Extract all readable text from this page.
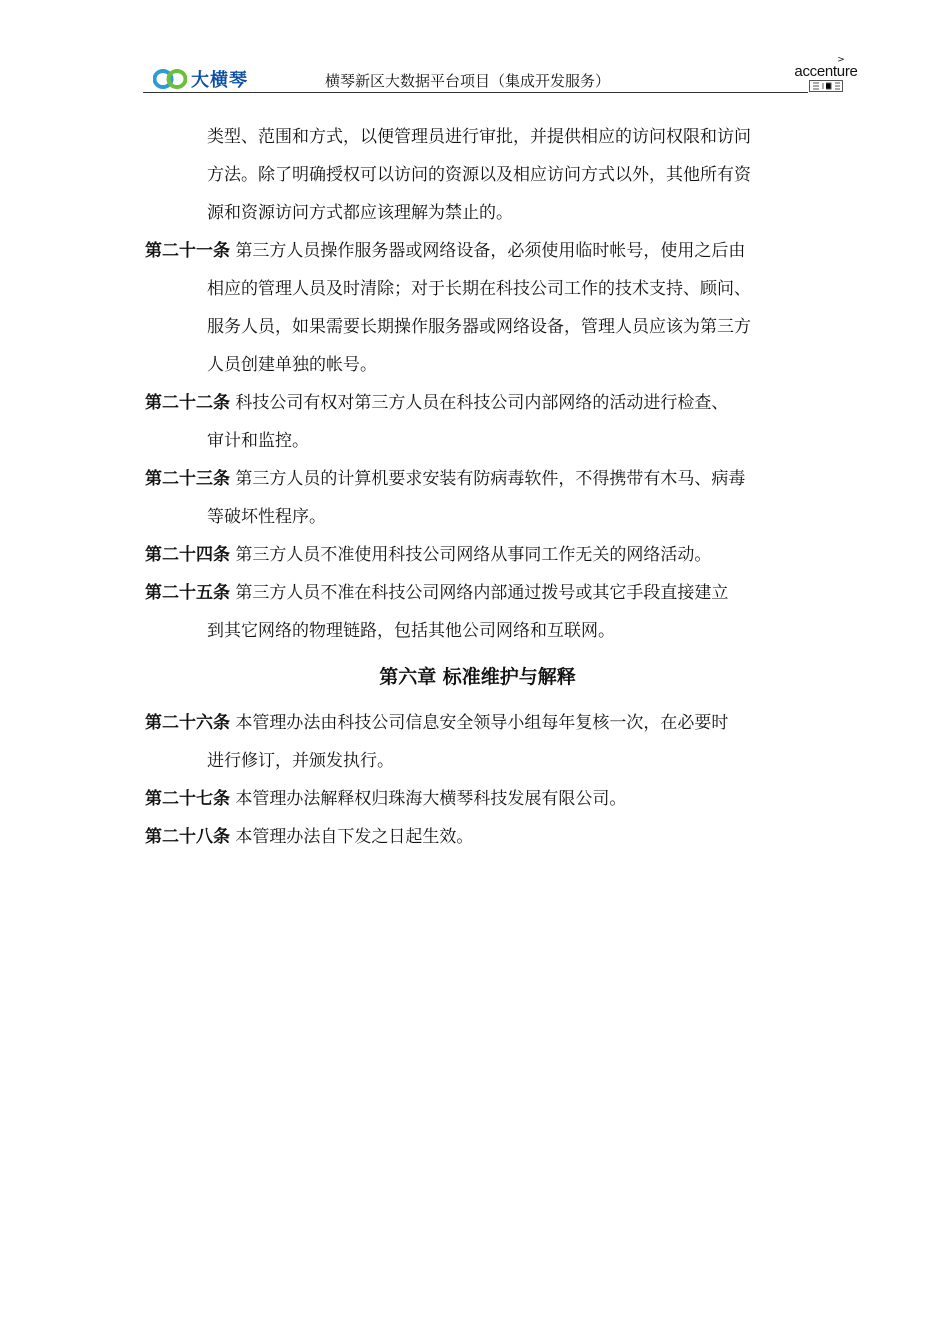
大横琴	横琴新区大数据平台项目（集成开发服务）
>
accenture
类型、范围和方式，以便管理员进行审批，并提供相应的访问权限和访问
方法。除了明确授权可以访问的资源以及相应访问方式以外，其他所有资
源和资源访问方式都应该理解为禁止的。
第二十一条 第三方人员操作服务器或网络设备，必须使用临时帐号，使用之后由
相应的管理人员及时清除；对于长期在科技公司工作的技术支持、顾问、
服务人员，如果需要长期操作服务器或网络设备，管理人员应该为第三方
人员创建单独的帐号。
第二十二条 科技公司有权对第三方人员在科技公司内部网络的活动进行检查、
审计和监控。
第二十三条 第三方人员的计算机要求安装有防病毒软件，不得携带有木马、病毒
等破坏性程序。
第二十四条 第三方人员不准使用科技公司网络从事同工作无关的网络活动。
第二十五条 第三方人员不准在科技公司网络内部通过拨号或其它手段直接建立
到其它网络的物理链路，包括其他公司网络和互联网。

第六章 标准维护与解释

第二十六条 本管理办法由科技公司信息安全领导小组每年复核一次，在必要时
进行修订，并颁发执行。
第二十七条 本管理办法解释权归珠海大横琴科技发展有限公司。
第二十八条 本管理办法自下发之日起生效。
